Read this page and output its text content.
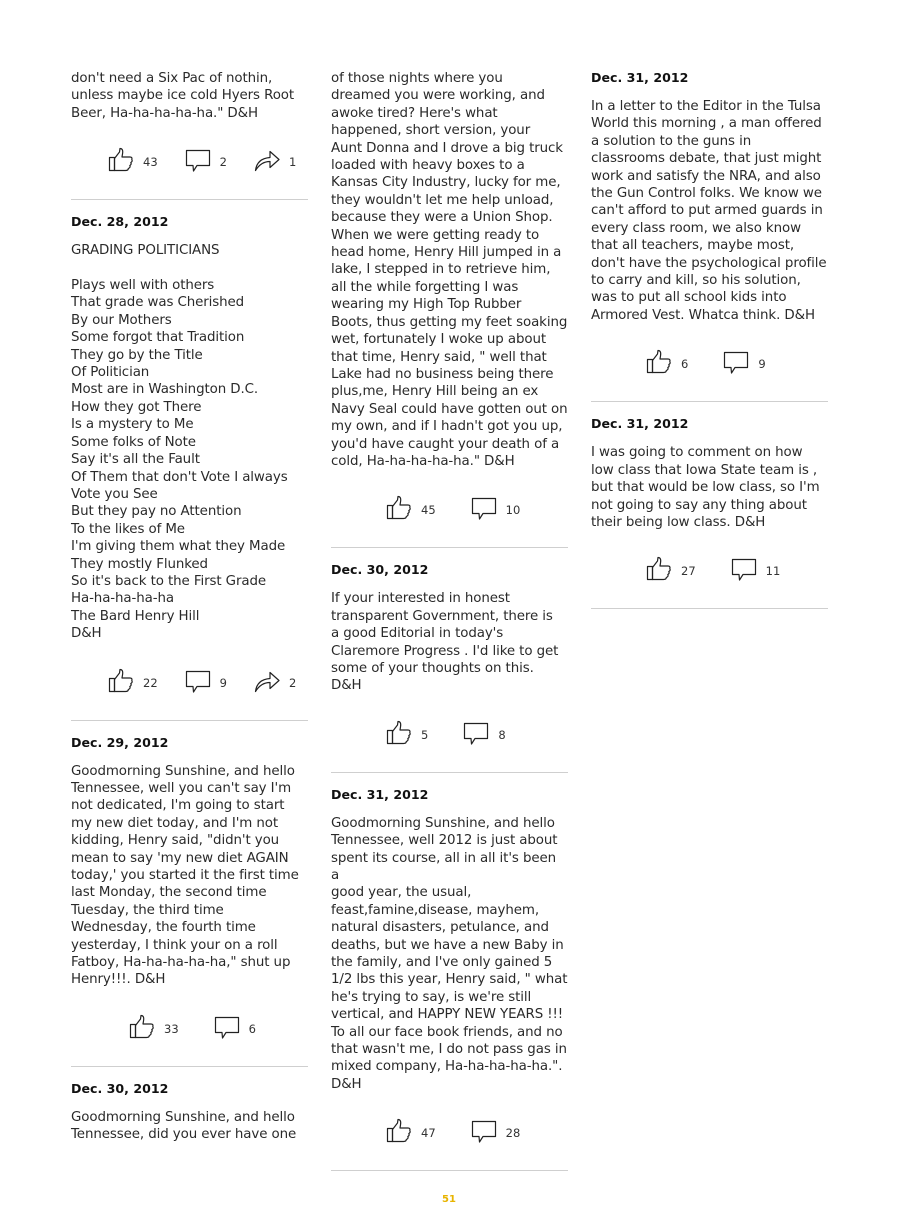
don't need a Six Pac of nothin,
unless maybe ice cold Hyers Root
Beer, Ha-ha-ha-ha-ha." D&H

43	2	1
Dec. 28, 2012

GRADING POLITICIANS

Plays well with others
That grade was Cherished
By our Mothers
Some forgot that Tradition
They go by the Title
Of Politician
Most are in Washington D.C.
How they got There
Is a mystery to Me
Some folks of Note
Say it's all the Fault
Of Them that don't Vote I always
Vote you See
But they pay no Attention
To the likes of Me
I'm giving them what they Made
They mostly Flunked
So it's back to the First Grade
Ha-ha-ha-ha-ha
The Bard Henry Hill
D&H

22	9	2
Dec. 29, 2012

Goodmorning Sunshine, and hello
Tennessee, well you can't say I'm
not dedicated, I'm going to start
my new diet today, and I'm not
kidding, Henry said, "didn't you
mean to say 'my new diet AGAIN
today,' you started it the first time
last Monday, the second time
Tuesday, the third time
Wednesday, the fourth time
yesterday, I think your on a roll
Fatboy, Ha-ha-ha-ha-ha," shut up
Henry!!!. D&H

33	6
Dec. 30, 2012

Goodmorning Sunshine, and hello
Tennessee, did you ever have one

of those nights where you
dreamed you were working, and
awoke tired? Here's what
happened, short version, your
Aunt Donna and I drove a big truck
loaded with heavy boxes to a
Kansas City Industry, lucky for me,
they wouldn't let me help unload,
because they were a Union Shop.
When we were getting ready to
head home, Henry Hill jumped in a
lake, I stepped in to retrieve him,
all the while forgetting I was
wearing my High Top Rubber
Boots, thus getting my feet soaking
wet, fortunately I woke up about
that time, Henry said, " well that
Lake had no business being there
plus,me, Henry Hill being an ex
Navy Seal could have gotten out on
my own, and if I hadn't got you up,
you'd have caught your death of a
cold, Ha-ha-ha-ha-ha." D&H

45	10
Dec. 30, 2012

If your interested in honest
transparent Government, there is
a good Editorial in today's
Claremore Progress . I'd like to get
some of your thoughts on this.
D&H

5	8
Dec. 31, 2012

Goodmorning Sunshine, and hello
Tennessee, well 2012 is just about
spent its course, all in all it's been a
good year, the usual,
feast,famine,disease, mayhem,
natural disasters, petulance, and
deaths, but we have a new Baby in
the family, and I've only gained 5
1/2 lbs this year, Henry said, " what
he's trying to say, is we're still
vertical, and HAPPY NEW YEARS !!!
To all our face book friends, and no
that wasn't me, I do not pass gas in
mixed company, Ha-ha-ha-ha-ha.".
D&H

47	28
Dec. 31, 2012

In a letter to the Editor in the Tulsa
World this morning , a man offered
a solution to the guns in
classrooms debate, that just might
work and satisfy the NRA, and also
the Gun Control folks. We know we
can't afford to put armed guards in
every class room, we also know
that all teachers, maybe most,
don't have the psychological profile
to carry and kill, so his solution,
was to put all school kids into
Armored Vest. Whatca think. D&H

6	9
Dec. 31, 2012

I was going to comment on how
low class that Iowa State team is ,
but that would be low class, so I'm
not going to say any thing about
their being low class. D&H

27	11
51
